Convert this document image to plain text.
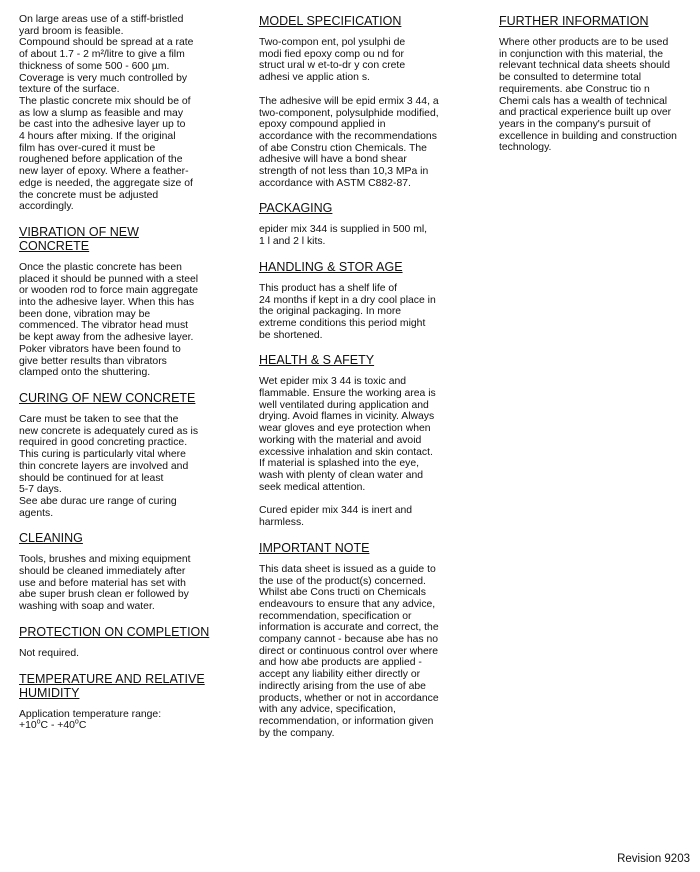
On large areas use of a stiff-bristled
yard broom is feasible.
Compound should be spread at a rate
of about 1.7 - 2 m²/litre to give a film
thickness of some 500 - 600 µm.
Coverage is very much controlled by
texture of the surface.
The plastic concrete mix should be of
as low a slump as feasible and may
be cast into the adhesive layer up to
4 hours after mixing. If the original
film has over-cured it must be
roughened before application of the
new layer of epoxy. Where a feather-
edge is needed, the aggregate size of
the concrete must be adjusted
accordingly.

VIBRATION OF NEW
CONCRETE

Once the plastic concrete has been
placed it should be punned with a steel
or wooden rod to force main aggregate
into the adhesive layer. When this has
been done, vibration may be
commenced. The vibrator head must
be kept away from the adhesive layer.
Poker vibrators have been found to
give better results than vibrators
clamped onto the shuttering.

CURING OF NEW CONCRETE

Care must be taken to see that the
new concrete is adequately cured as is
required in good concreting practice.
This curing is particularly vital where
thin concrete layers are involved and
should be continued for at least
5-7 days.
See abe durac ure range of curing
agents.

CLEANING

Tools, brushes and mixing equipment
should be cleaned immediately after
use and before material has set with
abe super brush clean er followed by
washing with soap and water.

PROTECTION ON COMPLETION

Not required.

TEMPERATURE AND RELATIVE
HUMIDITY

Application temperature range:

$+10^oC - +40^oC$

MODEL SPECIFICATION

Two-compon ent, pol ysulphi de
modi fied epoxy comp ou nd for
struct ural w et-to-dr y con crete
adhesi ve applic ation s.

The adhesive will be epid ermix 3 44, a
two-component, polysulphide modified,
epoxy compound applied in
accordance with the recommendations
of abe Constru ction Chemicals. The
adhesive will have a bond shear
strength of not less than 10,3 MPa in
accordance with ASTM C882-87.

PACKAGING

epider mix 344 is supplied in 500 ml,
1 l and 2 l kits.

HANDLING & STOR AGE

This product has a shelf life of
24 months if kept in a dry cool place in
the original packaging. In more
extreme conditions this period might
be shortened.

HEALTH & S AFETY

Wet epider mix 3 44 is toxic and
flammable. Ensure the working area is
well ventilated during application and
drying. Avoid flames in vicinity. Always
wear gloves and eye protection when
working with the material and avoid
excessive inhalation and skin contact.
If material is splashed into the eye,
wash with plenty of clean water and
seek medical attention.

Cured epider mix 344 is inert and
harmless.

IMPORTANT NOTE

This data sheet is issued as a guide to
the use of the product(s) concerned.
Whilst abe Cons tructi on Chemicals
endeavours to ensure that any advice,
recommendation, specification or
information is accurate and correct, the
company cannot - because abe has no
direct or continuous control over where
and how abe products are applied -
accept any liability either directly or
indirectly arising from the use of abe
products, whether or not in accordance
with any advice, specification,
recommendation, or information given
by the company.

FURTHER INFORMATION

Where other products are to be used
in conjunction with this material, the
relevant technical data sheets should
be consulted to determine total
requirements. abe Construc tio n
Chemi cals has a wealth of technical
and practical experience built up over
years in the company's pursuit of
excellence in building and construction
technology.

Revision 9203
